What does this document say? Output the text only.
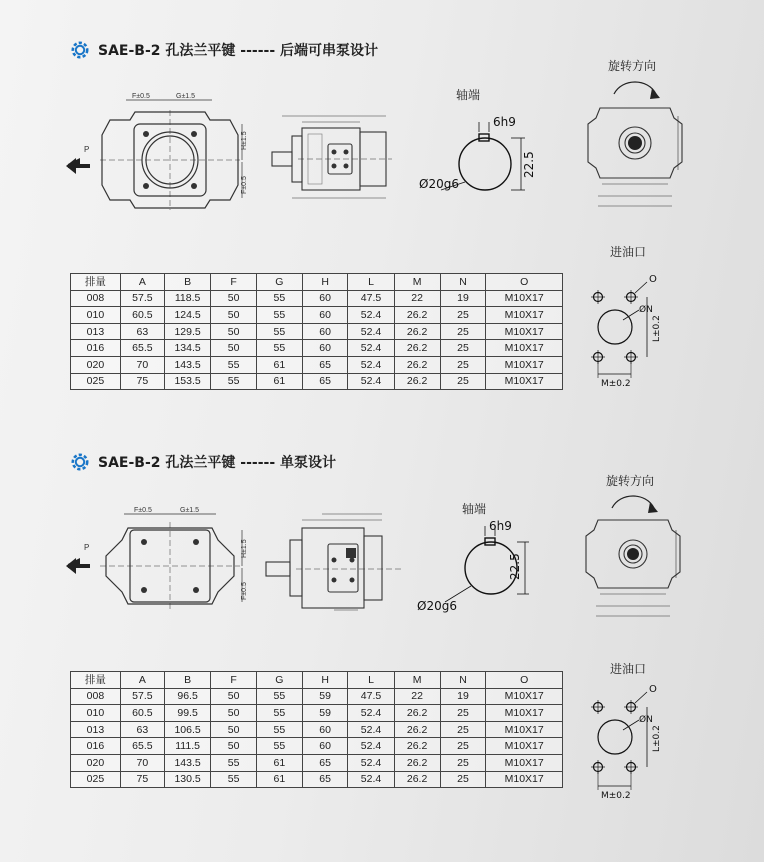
SAE-B-2 孔法兰平键 ------ 后端可串泵设计
P
F±0.5	G±1.5
H±1.5
F±0.5
轴端
6h9
22.5
Ø20g6
旋转方向
排量	A	B	F	G	H	L	M	N	O
008	57.5	118.5	50	55	60	47.5	22	19	M10X17
010	60.5	124.5	50	55	60	52.4	26.2	25	M10X17
013	63	129.5	50	55	60	52.4	26.2	25	M10X17
016	65.5	134.5	50	55	60	52.4	26.2	25	M10X17
020	70	143.5	55	61	65	52.4	26.2	25	M10X17
025	75	153.5	55	61	65	52.4	26.2	25	M10X17
进油口
O
ØN
L±0.2
M±0.2
SAE-B-2 孔法兰平键 ------ 单泵设计
P
F±0.5	G±1.5
H±1.5
F±0.5
轴端
6h9
22.5
Ø20g6
旋转方向
排量	A	B	F	G	H	L	M	N	O
008	57.5	96.5	50	55	59	47.5	22	19	M10X17
010	60.5	99.5	50	55	59	52.4	26.2	25	M10X17
013	63	106.5	50	55	60	52.4	26.2	25	M10X17
016	65.5	111.5	50	55	60	52.4	26.2	25	M10X17
020	70	143.5	55	61	65	52.4	26.2	25	M10X17
025	75	130.5	55	61	65	52.4	26.2	25	M10X17
进油口
O
ØN
L±0.2
M±0.2
